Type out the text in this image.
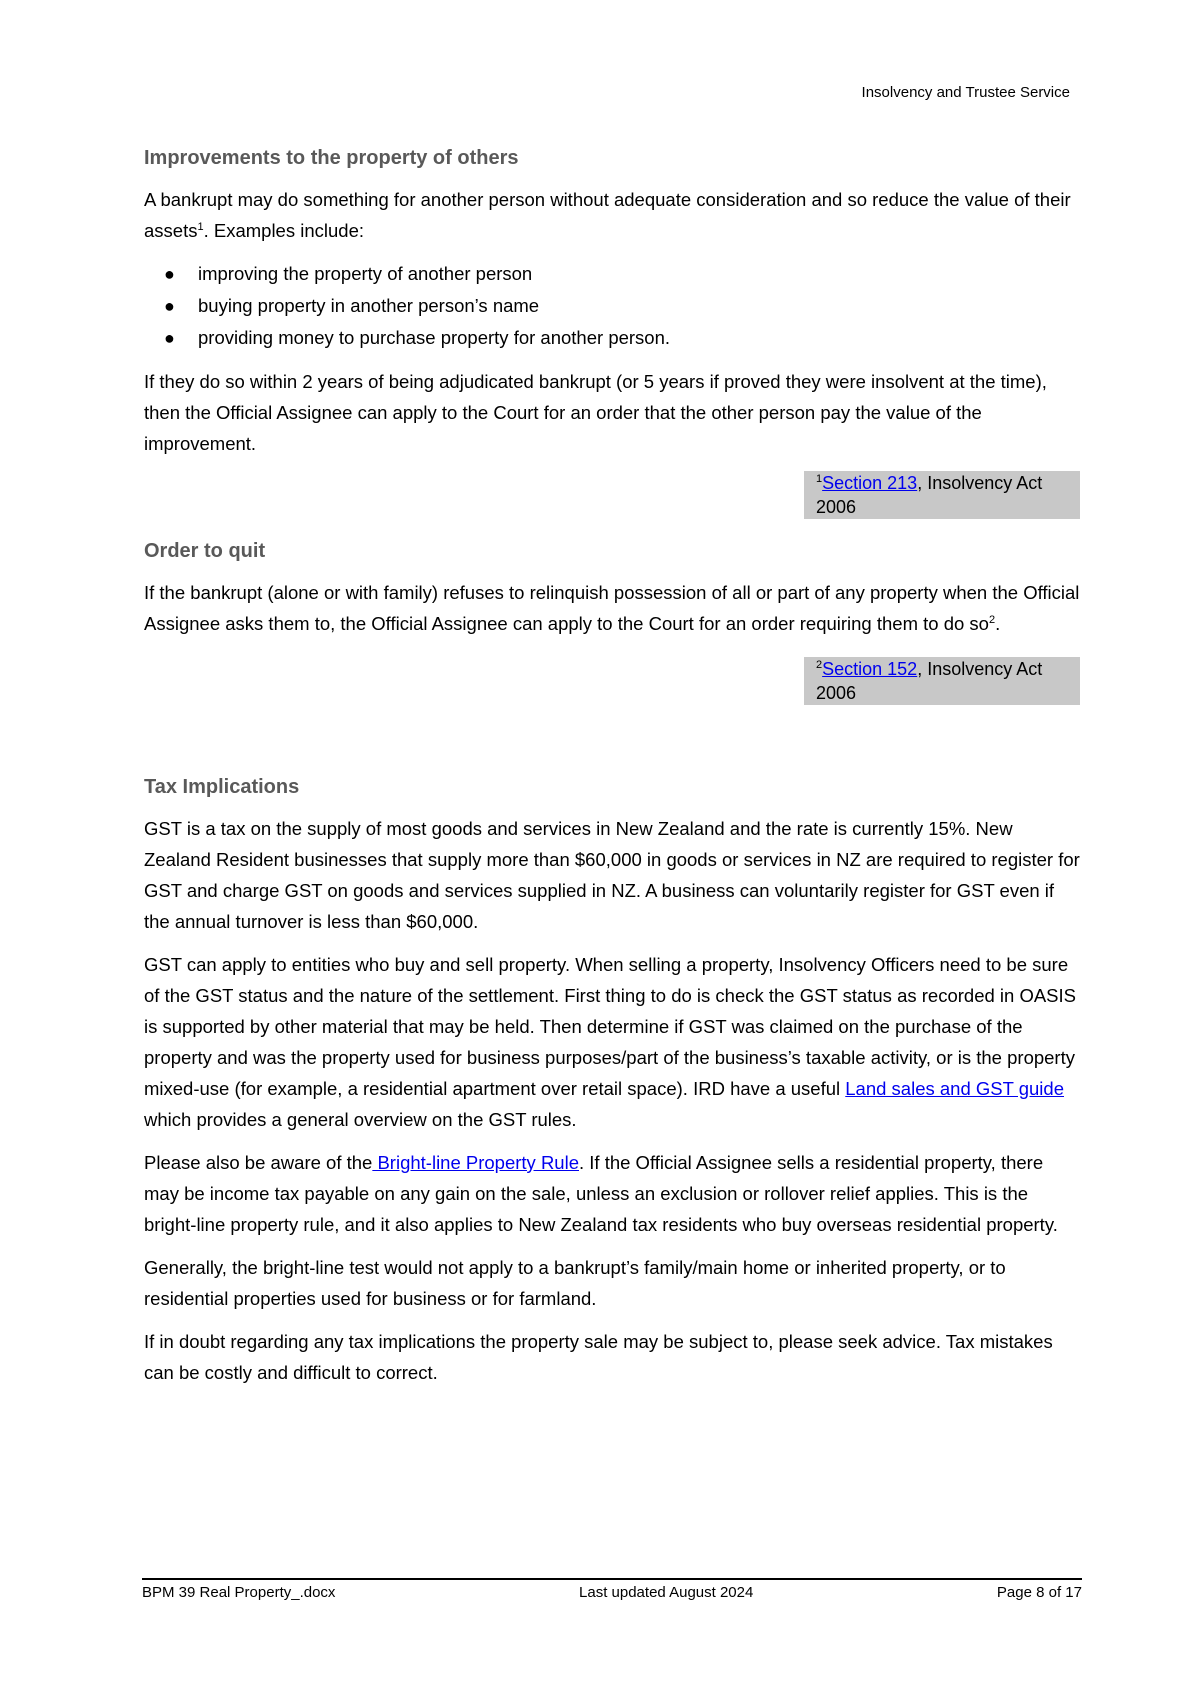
Insolvency and Trustee Service
Improvements to the property of others

A bankrupt may do something for another person without adequate consideration and so reduce the value of their assets$^1$. Examples include:

● improving the property of another person
● buying property in another person’s name
● providing money to purchase property for another person.

If they do so within 2 years of being adjudicated bankrupt (or 5 years if proved they were insolvent at the time), then the Official Assignee can apply to the Court for an order that the other person pay the value of the improvement.

$^1$Section 213, Insolvency Act 2006
Order to quit

If the bankrupt (alone or with family) refuses to relinquish possession of all or part of any property when the Official Assignee asks them to, the Official Assignee can apply to the Court for an order requiring them to do $so^2$.

$^2$Section 152, Insolvency Act 2006
Tax Implications

GST is a tax on the supply of most goods and services in New Zealand and the rate is currently 15%. New Zealand Resident businesses that supply more than $60,000 in goods or services in NZ are required to register for GST and charge GST on goods and services supplied in NZ. A business can voluntarily register for GST even if the annual turnover is less than $60,000.

GST can apply to entities who buy and sell property. When selling a property, Insolvency Officers need to be sure of the GST status and the nature of the settlement. First thing to do is check the GST status as recorded in OASIS is supported by other material that may be held. Then determine if GST was claimed on the purchase of the property and was the property used for business purposes/part of the business’s taxable activity, or is the property mixed-use (for example, a residential apartment over retail space). IRD have a useful Land sales and GST guide which provides a general overview on the GST rules.

Please also be aware of the Bright-line Property Rule. If the Official Assignee sells a residential property, there may be income tax payable on any gain on the sale, unless an exclusion or rollover relief applies. This is the bright-line property rule, and it also applies to New Zealand tax residents who buy overseas residential property.

Generally, the bright-line test would not apply to a bankrupt’s family/main home or inherited property, or to residential properties used for business or for farmland.

If in doubt regarding any tax implications the property sale may be subject to, please seek advice. Tax mistakes can be costly and difficult to correct.

BPM 39 Real Property_.docx	Last updated August 2024	Page 8 of 17
